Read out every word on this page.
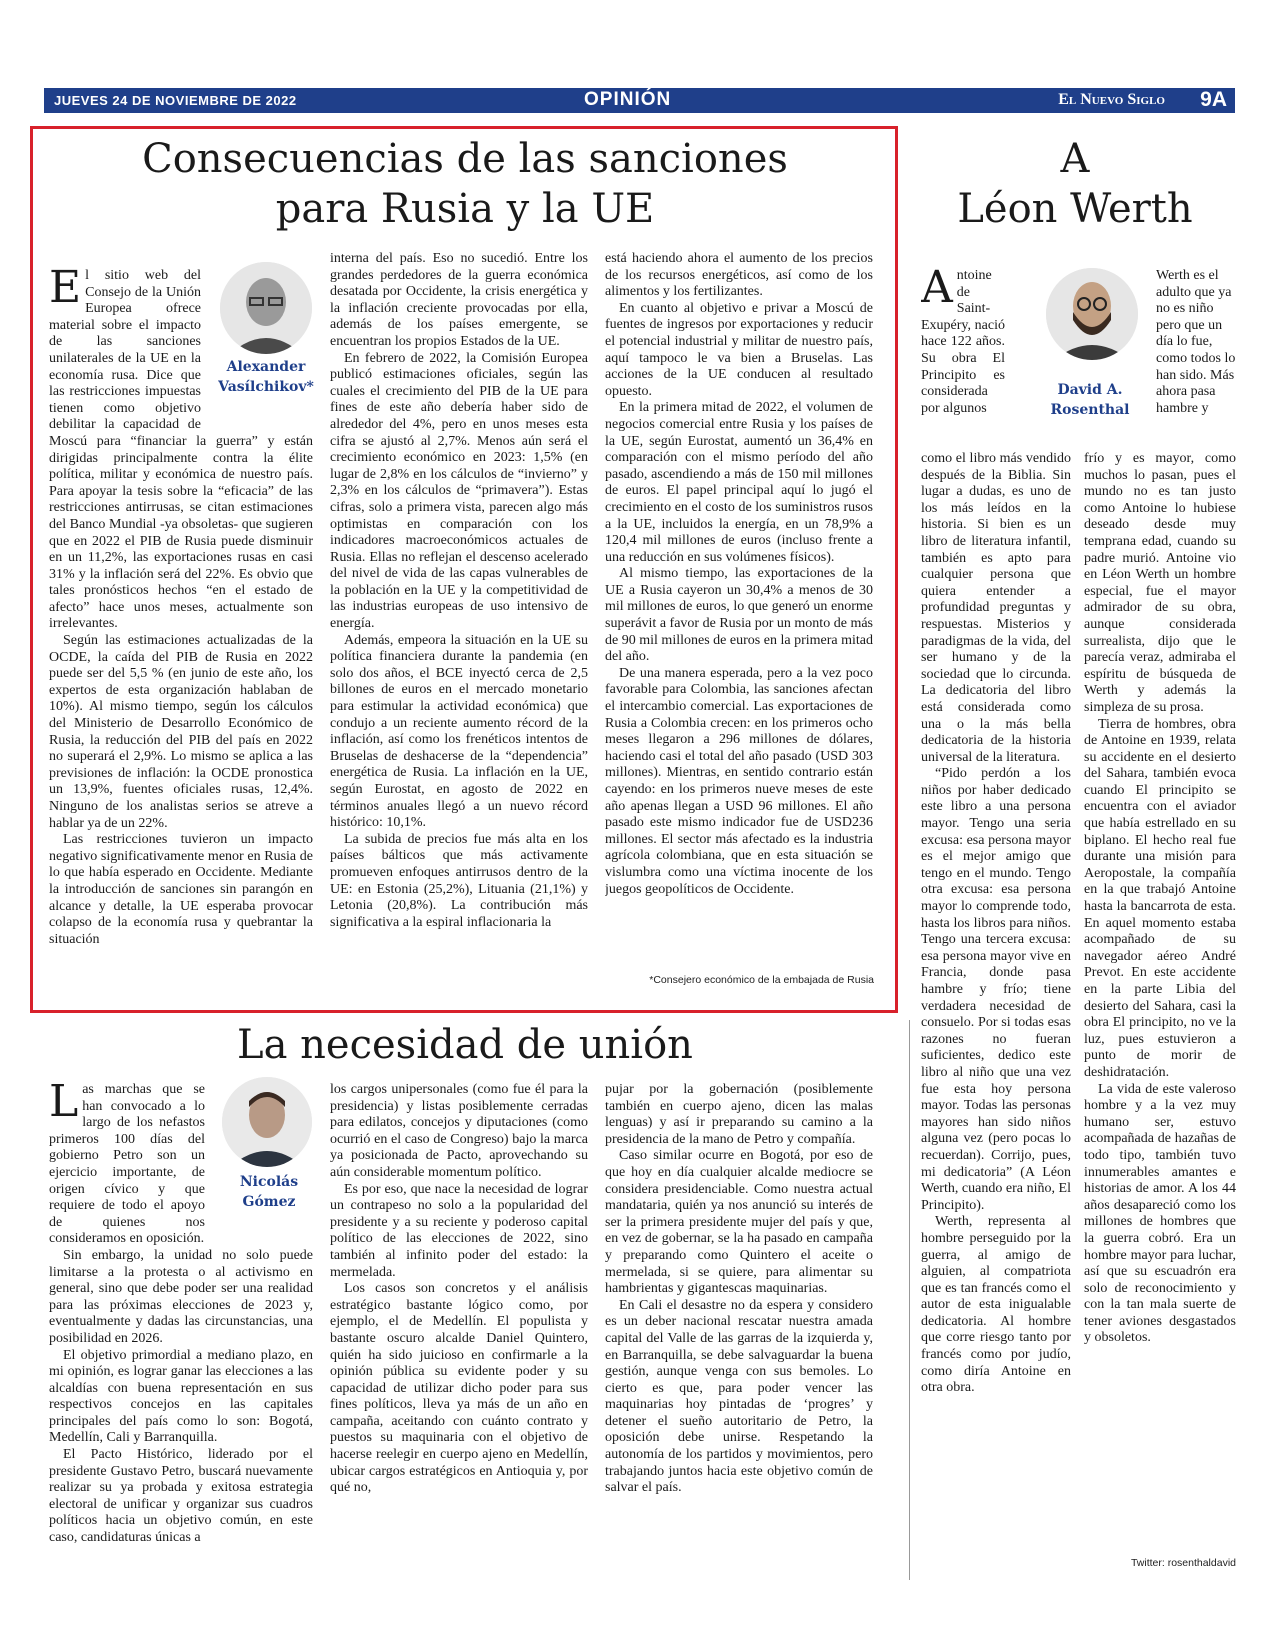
JUEVES 24 DE NOVIEMBRE DE 2022	OPINIÓN	El Nuevo Siglo 9A
Consecuencias de las sanciones
para Rusia y la UE
E l sitio web del Consejo de la Unión Europea ofrece material sobre el impacto de las sanciones unilaterales de la UE en la economía rusa. Dice que las restricciones impuestas tienen como objetivo debilitar la capacidad de Moscú para “financiar la guerra” y están dirigidas principalmente contra la élite política, militar y económica de nuestro país. Para apoyar la tesis sobre la “eficacia” de las restricciones antirrusas, se citan estimaciones del Banco Mundial -ya obsoletas- que sugieren que en 2022 el PIB de Rusia puede disminuir en un 11,2%, las exportaciones rusas en casi 31% y la inflación será del 22%. Es obvio que tales pronósticos hechos “en el estado de afecto” hace unos meses, actualmente son irrelevantes.

Según las estimaciones actualizadas de la OCDE, la caída del PIB de Rusia en 2022 puede ser del 5,5 % (en junio de este año, los expertos de esta organización hablaban de 10%). Al mismo tiempo, según los cálculos del Ministerio de Desarrollo Económico de Rusia, la reducción del PIB del país en 2022 no superará el 2,9%. Lo mismo se aplica a las previsiones de inflación: la OCDE pronostica un 13,9%, fuentes oficiales rusas, 12,4%. Ninguno de los analistas serios se atreve a hablar ya de un 22%.

Las restricciones tuvieron un impacto negativo significativamente menor en Rusia de lo que había esperado en Occidente. Mediante la introducción de sanciones sin parangón en alcance y detalle, la UE esperaba provocar colapso de la economía rusa y quebrantar la situación

Alexander
Vasílchikov*

interna del país. Eso no sucedió. Entre los grandes perdedores de la guerra económica desatada por Occidente, la crisis energética y la inflación creciente provocadas por ella, además de los países emergente, se encuentran los propios Estados de la UE.

En febrero de 2022, la Comisión Europea publicó estimaciones oficiales, según las cuales el crecimiento del PIB de la UE para fines de este año debería haber sido de alrededor del 4%, pero en unos meses esta cifra se ajustó al 2,7%. Menos aún será el crecimiento económico en 2023: 1,5% (en lugar de 2,8% en los cálculos de “invierno” y 2,3% en los cálculos de “primavera”). Estas cifras, solo a primera vista, parecen algo más optimistas en comparación con los indicadores macroeconómicos actuales de Rusia. Ellas no reflejan el descenso acelerado del nivel de vida de las capas vulnerables de la población en la UE y la competitividad de las industrias europeas de uso intensivo de energía.

Además, empeora la situación en la UE su política financiera durante la pandemia (en solo dos años, el BCE inyectó cerca de 2,5 billones de euros en el mercado monetario para estimular la actividad económica) que condujo a un reciente aumento récord de la inflación, así como los frenéticos intentos de Bruselas de deshacerse de la “dependencia” energética de Rusia. La inflación en la UE, según Eurostat, en agosto de 2022 en términos anuales llegó a un nuevo récord histórico: 10,1%.

La subida de precios fue más alta en los países bálticos que más activamente promueven enfoques antirrusos dentro de la UE: en Estonia (25,2%), Lituania (21,1%) y Letonia (20,8%). La contribución más significativa a la espiral inflacionaria la

está haciendo ahora el aumento de los precios de los recursos energéticos, así como de los alimentos y los fertilizantes.

En cuanto al objetivo e privar a Moscú de fuentes de ingresos por exportaciones y reducir el potencial industrial y militar de nuestro país, aquí tampoco le va bien a Bruselas. Las acciones de la UE conducen al resultado opuesto.

En la primera mitad de 2022, el volumen de negocios comercial entre Rusia y los países de la UE, según Eurostat, aumentó un 36,4% en comparación con el mismo período del año pasado, ascendiendo a más de 150 mil millones de euros. El papel principal aquí lo jugó el crecimiento en el costo de los suministros rusos a la UE, incluidos la energía, en un 78,9% a 120,4 mil millones de euros (incluso frente a una reducción en sus volúmenes físicos).

Al mismo tiempo, las exportaciones de la UE a Rusia cayeron un 30,4% a menos de 30 mil millones de euros, lo que generó un enorme superávit a favor de Rusia por un monto de más de 90 mil millones de euros en la primera mitad del año.

De una manera esperada, pero a la vez poco favorable para Colombia, las sanciones afectan el intercambio comercial. Las exportaciones de Rusia a Colombia crecen: en los primeros ocho meses llegaron a 296 millones de dólares, haciendo casi el total del año pasado (USD 303 millones). Mientras, en sentido contrario están cayendo: en los primeros nueve meses de este año apenas llegan a USD 96 millones. El año pasado este mismo indicador fue de USD236 millones. El sector más afectado es la industria agrícola colombiana, que en esta situación se vislumbra como una víctima inocente de los juegos geopolíticos de Occidente.

*Consejero económico de la embajada de Rusia
La necesidad de unión
L as marchas que se han convocado a lo largo de los nefastos primeros 100 días del gobierno Petro son un ejercicio importante, de origen cívico y que requiere de todo el apoyo de quienes nos consideramos en oposición.

Sin embargo, la unidad no solo puede limitarse a la protesta o al activismo en general, sino que debe poder ser una realidad para las próximas elecciones de 2023 y, eventualmente y dadas las circunstancias, una posibilidad en 2026.

El objetivo primordial a mediano plazo, en mi opinión, es lograr ganar las elecciones a las alcaldías con buena representación en sus respectivos concejos en las capitales principales del país como lo son: Bogotá, Medellín, Cali y Barranquilla.

El Pacto Histórico, liderado por el presidente Gustavo Petro, buscará nuevamente realizar su ya probada y exitosa estrategia electoral de unificar y organizar sus cuadros políticos hacia un objetivo común, en este caso, candidaturas únicas a

Nicolás
Gómez

los cargos unipersonales (como fue él para la presidencia) y listas posiblemente cerradas para edilatos, concejos y diputaciones (como ocurrió en el caso de Congreso) bajo la marca ya posicionada de Pacto, aprovechando su aún considerable momentum político.

Es por eso, que nace la necesidad de lograr un contrapeso no solo a la popularidad del presidente y a su reciente y poderoso capital político de las elecciones de 2022, sino también al infinito poder del estado: la mermelada.

Los casos son concretos y el análisis estratégico bastante lógico como, por ejemplo, el de Medellín. El populista y bastante oscuro alcalde Daniel Quintero, quién ha sido juicioso en confirmarle a la opinión pública su evidente poder y su capacidad de utilizar dicho poder para sus fines políticos, lleva ya más de un año en campaña, aceitando con cuánto contrato y puestos su maquinaria con el objetivo de hacerse reelegir en cuerpo ajeno en Medellín, ubicar cargos estratégicos en Antioquia y, por qué no,

pujar por la gobernación (posiblemente también en cuerpo ajeno, dicen las malas lenguas) y así ir preparando su camino a la presidencia de la mano de Petro y compañía.

Caso similar ocurre en Bogotá, por eso de que hoy en día cualquier alcalde mediocre se considera presidenciable. Como nuestra actual mandataria, quién ya nos anunció su interés de ser la primera presidente mujer del país y que, en vez de gobernar, se la ha pasado en campaña y preparando como Quintero el aceite o mermelada, si se quiere, para alimentar su hambrientas y gigantescas maquinarias.

En Cali el desastre no da espera y considero es un deber nacional rescatar nuestra amada capital del Valle de las garras de la izquierda y, en Barranquilla, se debe salvaguardar la buena gestión, aunque venga con sus bemoles. Lo cierto es que, para poder vencer las maquinarias hoy pintadas de ‘progres’ y detener el sueño autoritario de Petro, la oposición debe unirse. Respetando la autonomía de los partidos y movimientos, pero trabajando juntos hacia este objetivo común de salvar el país.

A
Léon Werth
A ntoine de Saint-Exupéry, nació hace 122 años. Su obra El Principito es considerada por algunos

como el libro más vendido después de la Biblia. Sin lugar a dudas, es uno de los más leídos en la historia. Si bien es un libro de literatura infantil, también es apto para cualquier persona que quiera entender a profundidad preguntas y respuestas. Misterios y paradigmas de la vida, del ser humano y de la sociedad que lo circunda. La dedicatoria del libro está considerada como una o la más bella dedicatoria de la historia universal de la literatura.

“Pido perdón a los niños por haber dedicado este libro a una persona mayor. Tengo una seria excusa: esa persona mayor es el mejor amigo que tengo en el mundo. Tengo otra excusa: esa persona mayor lo comprende todo, hasta los libros para niños. Tengo una tercera excusa: esa persona mayor vive en Francia, donde pasa hambre y frío; tiene verdadera necesidad de consuelo. Por si todas esas razones no fueran suficientes, dedico este libro al niño que una vez fue esta hoy persona mayor. Todas las personas mayores han sido niños alguna vez (pero pocas lo recuerdan). Corrijo, pues, mi dedicatoria” (A Léon Werth, cuando era niño, El Principito).

Werth, representa al hombre perseguido por la guerra, al amigo de alguien, al compatriota que es tan francés como el autor de esta inigualable dedicatoria. Al hombre que corre riesgo tanto por francés como por judío, como diría Antoine en otra obra.

David A.
Rosenthal
Werth es el adulto que ya no es niño pero que un día lo fue, como todos lo han sido. Más ahora pasa hambre y

frío y es mayor, como muchos lo pasan, pues el mundo no es tan justo como Antoine lo hubiese deseado desde muy temprana edad, cuando su padre murió. Antoine vio en Léon Werth un hombre especial, fue el mayor admirador de su obra, aunque considerada surrealista, dijo que le parecía veraz, admiraba el espíritu de búsqueda de Werth y además la simpleza de su prosa.

Tierra de hombres, obra de Antoine en 1939, relata su accidente en el desierto del Sahara, también evoca cuando El principito se encuentra con el aviador que había estrellado en su biplano. El hecho real fue durante una misión para Aeropostale, la compañía en la que trabajó Antoine hasta la bancarrota de esta. En aquel momento estaba acompañado de su navegador aéreo André Prevot. En este accidente en la parte Libia del desierto del Sahara, casi la obra El principito, no ve la luz, pues estuvieron a punto de morir de deshidratación.

La vida de este valeroso hombre y a la vez muy humano ser, estuvo acompañada de hazañas de todo tipo, también tuvo innumerables amantes e historias de amor. A los 44 años desapareció como los millones de hombres que la guerra cobró. Era un hombre mayor para luchar, así que su escuadrón era solo de reconocimiento y con la tan mala suerte de tener aviones desgastados y obsoletos.

Twitter: rosenthaldavid
